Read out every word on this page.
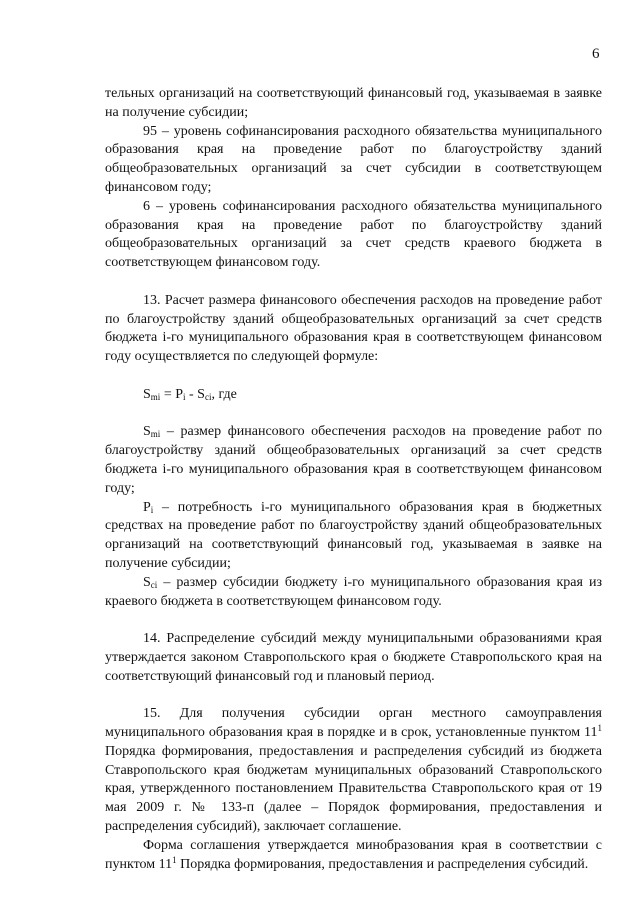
6

тельных организаций на соответствующий финансовый год, указываемая в заявке на получение субсидии;

95 – уровень софинансирования расходного обязательства муниципального образования края на проведение работ по благоустройству зданий общеобразовательных организаций за счет субсидии в соответствующем финансовом году;

6 – уровень софинансирования расходного обязательства муниципального образования края на проведение работ по благоустройству зданий общеобразовательных организаций за счет средств краевого бюджета в соответствующем финансовом году.

13. Расчет размера финансового обеспечения расходов на проведение работ по благоустройству зданий общеобразовательных организаций за счет средств бюджета i-го муниципального образования края в соответствующем финансовом году осуществляется по следующей формуле:

$S_{mi} = P_i - S_{ci}$, где

$S_{mi}$ – размер финансового обеспечения расходов на проведение работ по благоустройству зданий общеобразовательных организаций за счет средств бюджета i-го муниципального образования края в соответствующем финансовом году;

$P_i$ – потребность i-го муниципального образования края в бюджетных средствах на проведение работ по благоустройству зданий общеобразовательных организаций на соответствующий финансовый год, указываемая в заявке на получение субсидии;

$S_{ci}$ – размер субсидии бюджету i-го муниципального образования края из краевого бюджета в соответствующем финансовом году.

14. Распределение субсидий между муниципальными образованиями края утверждается законом Ставропольского края о бюджете Ставропольского края на соответствующий финансовый год и плановый период.

15. Для получения субсидии орган местного самоуправления муниципального образования края в порядке и в срок, установленные пунктом $11^1$ Порядка формирования, предоставления и распределения субсидий из бюджета Ставропольского края бюджетам муниципальных образований Ставропольского края, утвержденного постановлением Правительства Ставропольского края от 19 мая 2009 г. № 133-п (далее – Порядок формирования, предоставления и распределения субсидий), заключает соглашение.

Форма соглашения утверждается минобразования края в соответствии с пунктом $11^1$ Порядка формирования, предоставления и распределения субсидий.
